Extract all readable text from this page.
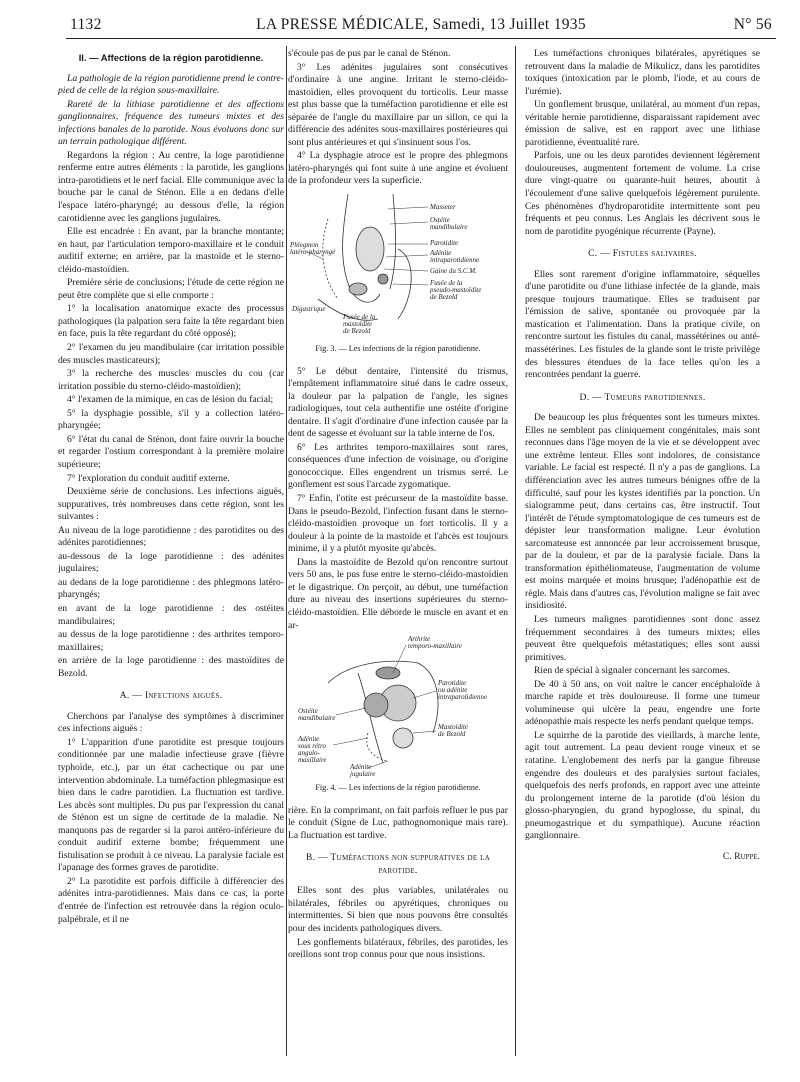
1132	LA PRESSE MÉDICALE, Samedi, 13 Juillet 1935	N° 56
II. — Affections de la région parotidienne.

La pathologie de la région parotidienne prend le contre-pied de celle de la région sous-maxillaire.

Rareté de la lithiase parotidienne et des affections ganglionnaires, fréquence des tumeurs mixtes et des infections banales de la parotide. Nous évoluons donc sur un terrain pathologique différent.

Regardons la région : Au centre, la loge parotidienne renferme entre autres éléments : la parotide, les ganglions intra-parotidiens et le nerf facial. Elle communique avec la bouche par le canal de Sténon. Elle a en dedans d'elle l'espace latéro-pharyngé; au dessous d'elle, la région carotidienne avec les ganglions jugulaires.

Elle est encadrée : En avant, par la branche montante; en haut, par l'articulation temporo-maxillaire et le conduit auditif externe; en arrière, par la mastoïde et le sterno-cléido-mastoïdien.

Première série de conclusions; l'étude de cette région ne peut être complète que si elle comporte :

1° la localisation anatomique exacte des processus pathologiques (la palpation sera faite la tête regardant bien en face, puis la tête regardant du côté opposé);

2° l'examen du jeu mandibulaire (car irritation possible des muscles masticateurs);

3° la recherche des muscles muscles du cou (car irritation possible du sterno-cléido-mastoïdien);

4° l'examen de la mimique, en cas de lésion du facial;

5° la dysphagie possible, s'il y a collection latéro-pharyngée;

6° l'état du canal de Sténon, dont faire ouvrir la bouche et regarder l'ostium correspondant à la première molaire supérieure;

7° l'exploration du conduit auditif externe.

Deuxième série de conclusions. Les infections aiguës, suppuratives, très nombreuses dans cette région, sont les suivantes :

Au niveau de la loge parotidienne : des parotidites ou des adénites parotidiennes;

au-dessous de la loge parotidienne : des adénites jugulaires;

au dedans de la loge parotidienne : des phlegmons latéro-pharyngés;

en avant de la loge parotidienne : des ostéites mandibulaires;

au dessus de la loge parotidienne : des arthrites temporo-maxillaires;

en arrière de la loge parotidienne : des mastoïdites de Bezold.

A. — Infections aiguës.

Cherchons par l'analyse des symptômes à discriminer ces infections aiguës :

1° L'apparition d'une parotidite est presque toujours conditionnée par une maladie infectieuse grave (fièvre typhoïde, etc.), par un état cachectique ou par une intervention abdominale. La tuméfaction phlegmasique est bien dans le cadre parotidien. La fluctuation est tardive. Les abcès sont multiples. Du pus par l'expression du canal de Sténon est un signe de certitude de la maladie. Ne manquons pas de regarder si la paroi antéro-inférieure du conduit auditif externe bombe; fréquemment une fistulisation se produit à ce niveau. La paralysie faciale est l'apanage des formes graves de parotidite.

2° La parotidite est parfois difficile à différencier des adénites intra-parotidiennes. Mais dans ce cas, la porte d'entrée de l'infection est retrouvée dans la région oculo-palpébrale, et il ne

s'écoule pas de pus par le canal de Sténon.

3° Les adénites jugulaires sont consécutives d'ordinaire à une angine. Irritant le sterno-cléido-mastoïdien, elles provoquent du torticolis. Leur masse est plus basse que la tuméfaction parotidienne et elle est séparée de l'angle du maxillaire par un sillon, ce qui la différencie des adénites sous-maxillaires postérieures qui sont plus antérieures et qui s'insinuent sous l'os.

4° La dysphagie atroce est le propre des phlegmons latéro-pharyngés qui font suite à une angine et évoluent de la profondeur vers la superficie.

Masseter
Ostéite
mandibulaire
Parotidite
Adénite
intraparotidienne
Gaine du S.C.M.
Fusée de la
pseudo-mastoïdite
de Bezold
Phlegmon
latéro-pharyngé
Digastrique
Fusée de la
mastoïdite
de Bezold
Fig. 3. — Les infections de la région parotidienne.

5° Le début dentaire, l'intensité du trismus, l'empâtement inflammatoire situé dans le cadre osseux, la douleur par la palpation de l'angle, les signes radiologiques, tout cela authentifie une ostéite d'origine dentaire. Il s'agit d'ordinaire d'une infection causée par la dent de sagesse et évoluant sur la table interne de l'os.

6° Les arthrites temporo-maxillaires sont rares, conséquences d'une infection de voisinage, ou d'origine gonococcique. Elles engendrent un trismus serré. Le gonflement est sous l'arcade zygomatique.

7° Enfin, l'otite est précurseur de la mastoïdite basse. Dans le pseudo-Bezold, l'infection fusant dans le sterno-cléido-mastoïdien provoque un fort torticolis. Il y a douleur à la pointe de la mastoïde et l'abcès est toujours minime, il y a plutôt myosite qu'abcès.

Dans la mastoïdite de Bezold qu'on rencontre surtout vers 50 ans, le pus fuse entre le sterno-cléido-mastoïdien et le digastrique. On perçoit, au début, une tuméfaction dure au niveau des insertions supérieures du sterno-cléido-mastoïdien. Elle déborde le muscle en avant et en ar-

Arthrite
temporo-maxillaire
Parotidite
ou adénite
intraparotidienne
Mastoïdite
de Bezold
Ostéite
mandibulaire
Adénite
sous rétro
angulo-
maxillaire
Adénite
jugulaire
Fig. 4. — Les infections de la région parotidienne.

rière. En la comprimant, on fait parfois refluer le pus par le conduit (Signe de Luc, pathognomonique mais rare). La fluctuation est tardive.

B. — Tuméfactions non suppuratives de la parotide.

Elles sont des plus variables, unilatérales ou bilatérales, fébriles ou apyrétiques, chroniques ou intermittentes. Si bien que nous pouvons être consultés pour des incidents pathologiques divers.

Les gonflements bilatéraux, fébriles, des parotides, les oreillons sont trop connus pour que nous insistions.

Les tuméfactions chroniques bilatérales, apyrétiques se retrouvent dans la maladie de Mikulicz, dans les parotidites toxiques (intoxication par le plomb, l'iode, et au cours de l'urémie).

Un gonflement brusque, unilatéral, au moment d'un repas, véritable hernie parotidienne, disparaissant rapidement avec émission de salive, est en rapport avec une lithiase parotidienne, éventualité rare.

Parfois, une ou les deux parotides deviennent légèrement douloureuses, augmentent fortement de volume. La crise dure vingt-quatre ou quarante-huit heures, aboutit à l'écoulement d'une salive quelquefois légèrement purulente. Ces phénomènes d'hydroparotidite intermittente sont peu fréquents et peu connus. Les Anglais les décrivent sous le nom de parotidite pyogénique récurrente (Payne).

C. — Fistules salivaires.

Elles sont rarement d'origine inflammatoire, séquelles d'une parotidite ou d'une lithiase infectée de la glande, mais presque toujours traumatique. Elles se traduisent par l'émission de salive, spontanée ou provoquée par la mastication et l'alimentation. Dans la pratique civile, on rencontre surtout les fistules du canal, massétérines ou anté-massétérines. Les fistules de la glande sont le triste privilège des blessures étendues de la face telles qu'on les a rencontrées pendant la guerre.

D. — Tumeurs parotidiennes.

De beaucoup les plus fréquentes sont les tumeurs mixtes. Elles ne semblent pas cliniquement congénitales, mais sont reconnues dans l'âge moyen de la vie et se développent avec une extrême lenteur. Elles sont indolores, de consistance variable. Le facial est respecté. Il n'y a pas de ganglions. La différenciation avec les autres tumeurs bénignes offre de la difficulté, sauf pour les kystes identifiés par la ponction. Un sialogramme peut, dans certains cas, être instructif. Tout l'intérêt de l'étude symptomatologique de ces tumeurs est de dépister leur transformation maligne. Leur évolution sarcomateuse est annoncée par leur accroissement brusque, par de la douleur, et par de la paralysie faciale. Dans la transformation épithéliomateuse, l'augmentation de volume est moins marquée et moins brusque; l'adénopathie est de règle. Mais dans d'autres cas, l'évolution maligne se fait avec insidiosité.

Les tumeurs malignes parotidiennes sont donc assez fréquemment secondaires à des tumeurs mixtes; elles peuvent être quelquefois métastatiques; elles sont aussi primitives.

Rien de spécial à signaler concernant les sarcomes.

De 40 à 50 ans, on voit naître le cancer encéphaloïde à marche rapide et très douloureuse. Il forme une tumeur volumineuse qui ulcère la peau, engendre une forte adénopathie mais respecte les nerfs pendant quelque temps.

Le squirrhe de la parotide des vieillards, à marche lente, agit tout autrement. La peau devient rouge vineux et se ratatine. L'englobement des nerfs par la gangue fibreuse engendre des douleurs et des paralysies surtout faciales, quelquefois des nerfs profonds, en rapport avec une atteinte du prolongement interne de la parotide (d'où lésion du glosso-pharyngien, du grand hypoglosse, du spinal, du pneumogastrique et du sympathique). Aucune réaction ganglionnaire.

C. Ruppe.
